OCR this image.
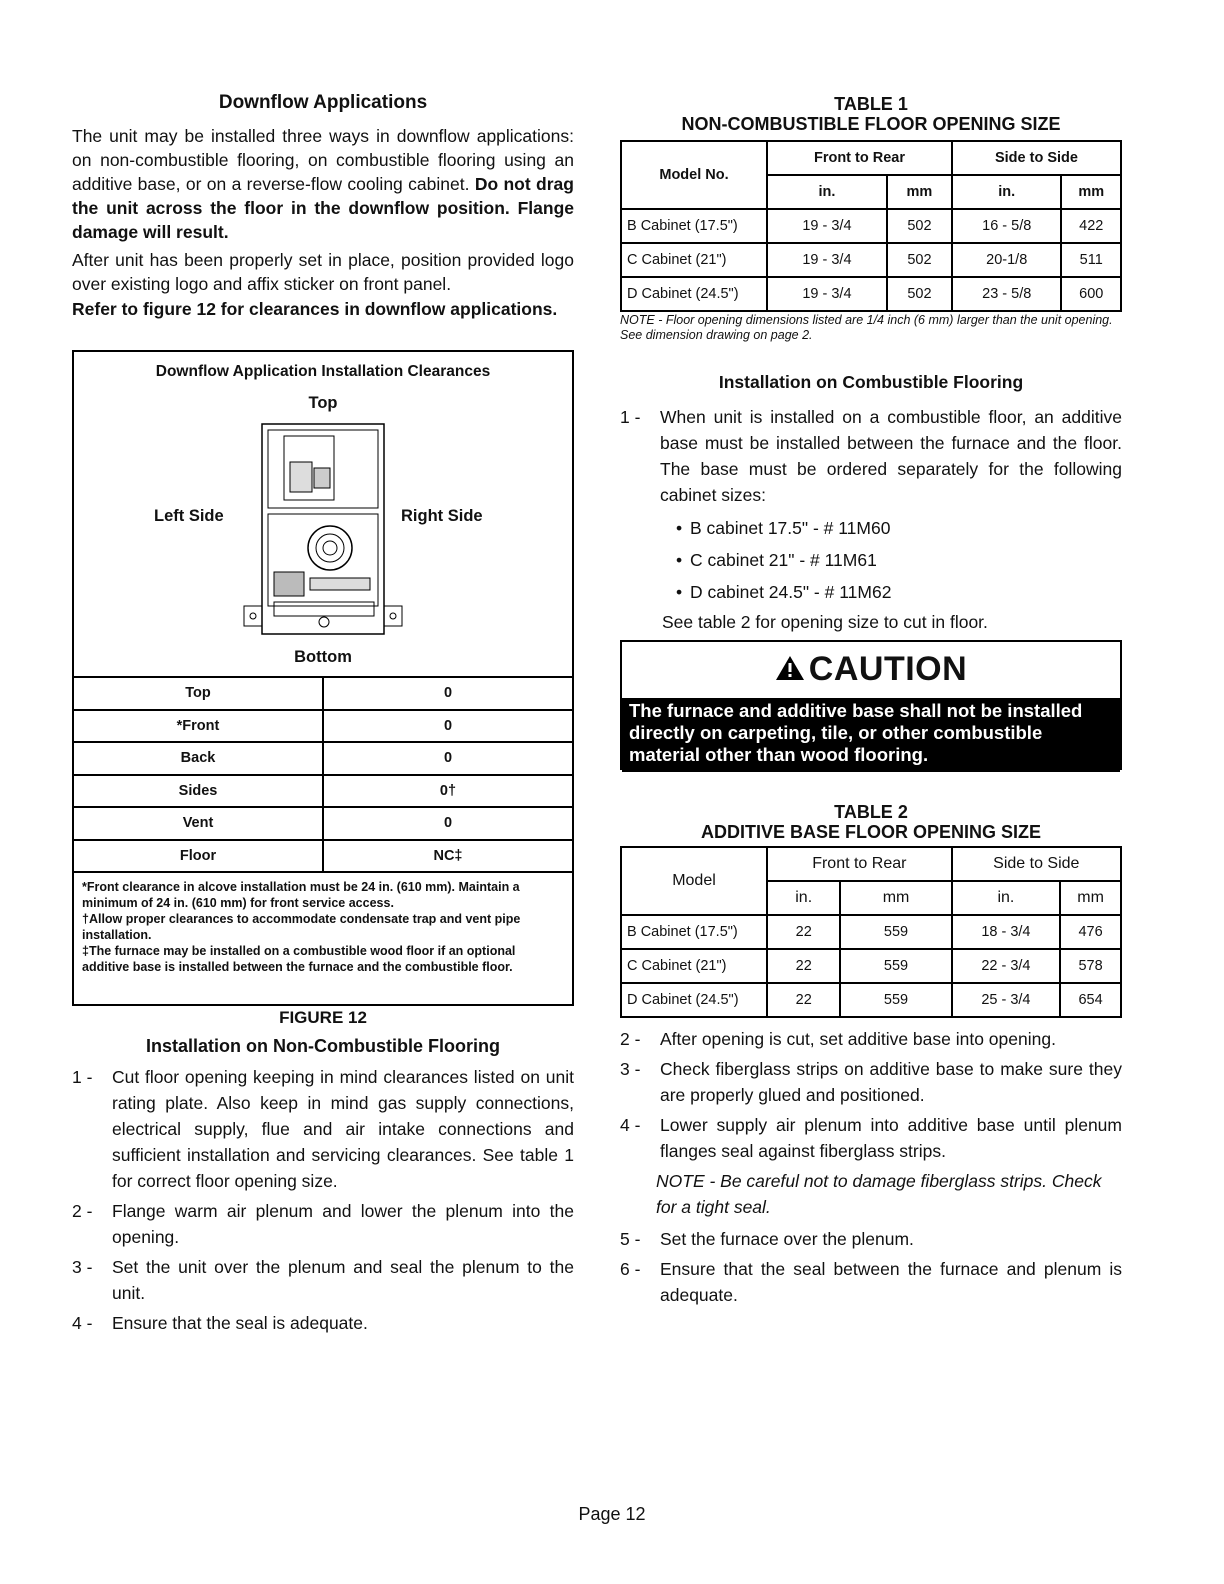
Downflow Applications

The unit may be installed three ways in downflow applications: on non-combustible flooring, on combustible flooring using an additive base, or on a reverse-flow cooling cabinet. Do not drag the unit across the floor in the downflow position. Flange damage will result.

After unit has been properly set in place, position provided logo over existing logo and affix sticker on front panel.

Refer to figure 12 for clearances in downflow applications.

Downflow Application Installation Clearances
Top
Left Side	Right Side
Bottom
Top	0
*Front	0
Back	0
Sides	0†
Vent	0
Floor	NC‡
*Front clearance in alcove installation must be 24 in. (610 mm). Maintain a minimum of 24 in. (610 mm) for front service access.
†Allow proper clearances to accommodate condensate trap and vent pipe installation.
‡The furnace may be installed on a combustible wood floor if an optional additive base is installed between the furnace and the combustible floor.
FIGURE 12
Installation on Non-Combustible Flooring
1 - Cut floor opening keeping in mind clearances listed on unit rating plate. Also keep in mind gas supply connections, electrical supply, flue and air intake connections and sufficient installation and servicing clearances. See table 1 for correct floor opening size.
2 - Flange warm air plenum and lower the plenum into the opening.
3 - Set the unit over the plenum and seal the plenum to the unit.
4 - Ensure that the seal is adequate.
TABLE 1
NON-COMBUSTIBLE FLOOR OPENING SIZE
Model No.	Front to Rear		Side to Side	
	in.	mm	in.	mm
B Cabinet (17.5")	19 - 3/4	502	16 - 5/8	422
C Cabinet (21")	19 - 3/4	502	20-1/8	511
D Cabinet (24.5")	19 - 3/4	502	23 - 5/8	600
NOTE - Floor opening dimensions listed are 1/4 inch (6 mm) larger than the unit opening. See dimension drawing on page 2.
Installation on Combustible Flooring
1 - When unit is installed on a combustible floor, an additive base must be installed between the furnace and the floor. The base must be ordered separately for the following cabinet sizes:
• B cabinet 17.5" - # 11M60
• C cabinet 21" - # 11M61
• D cabinet 24.5" - # 11M62
See table 2 for opening size to cut in floor.
CAUTION
The furnace and additive base shall not be installed directly on carpeting, tile, or other combustible material other than wood flooring.
TABLE 2
ADDITIVE BASE FLOOR OPENING SIZE
Model	Front to Rear		Side to Side	
	in.	mm	in.	mm
B Cabinet (17.5")	22	559	18 - 3/4	476
C Cabinet (21")	22	559	22 - 3/4	578
D Cabinet (24.5")	22	559	25 - 3/4	654
2 - After opening is cut, set additive base into opening.
3 - Check fiberglass strips on additive base to make sure they are properly glued and positioned.
4 - Lower supply air plenum into additive base until plenum flanges seal against fiberglass strips.
NOTE - Be careful not to damage fiberglass strips. Check for a tight seal.
5 - Set the furnace over the plenum.
6 - Ensure that the seal between the furnace and plenum is adequate.
Page 12
